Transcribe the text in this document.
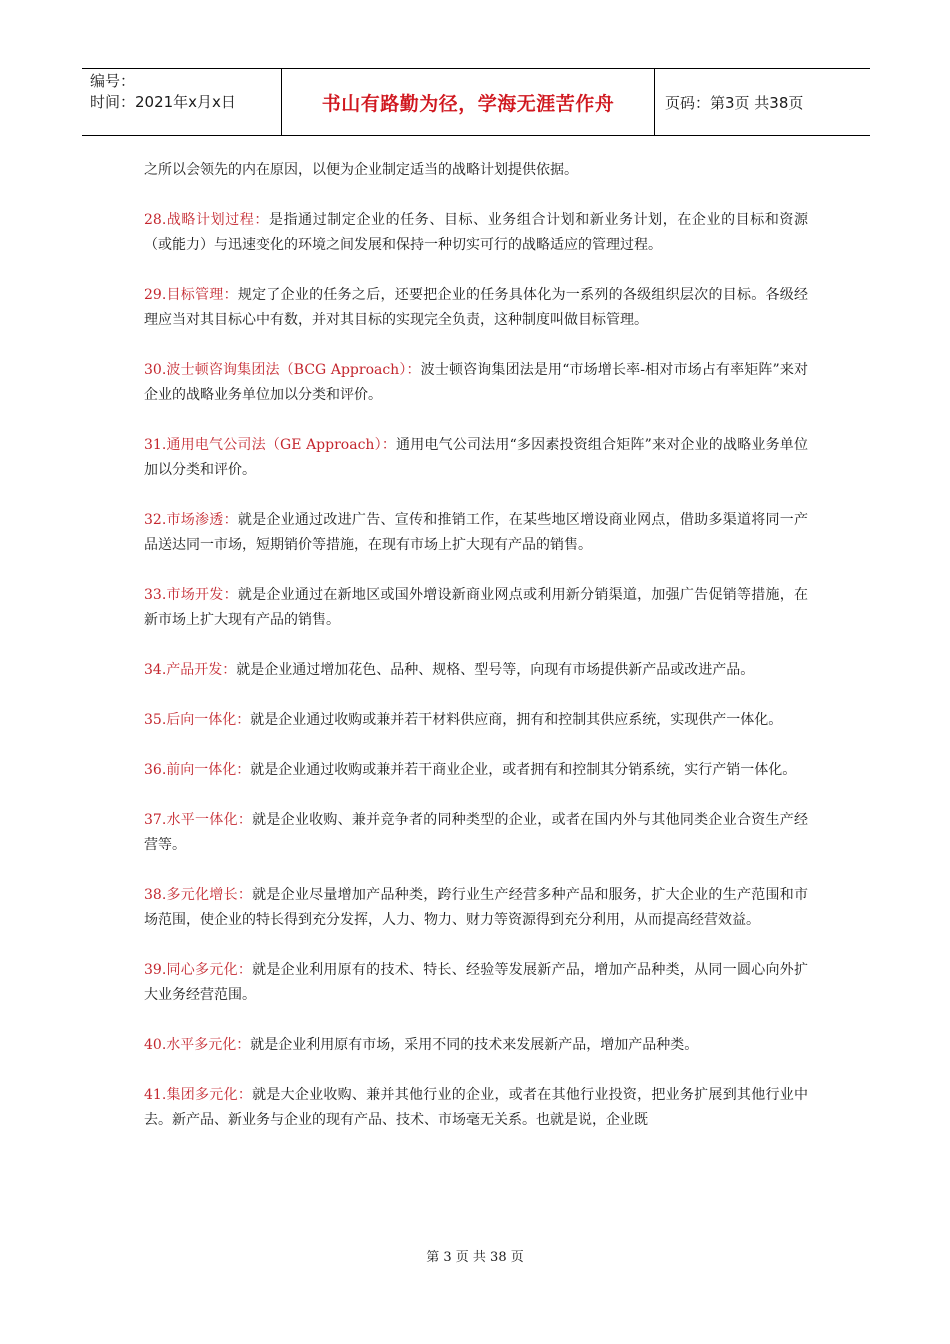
编号：
时间：2021年x月x日	书山有路勤为径，学海无涯苦作舟	页码：第3页 共38页

之所以会领先的内在原因，以便为企业制定适当的战略计划提供依据。

28.战略计划过程：是指通过制定企业的任务、目标、业务组合计划和新业务计划，在企业的目标和资源（或能力）与迅速变化的环境之间发展和保持一种切实可行的战略适应的管理过程。

29.目标管理：规定了企业的任务之后，还要把企业的任务具体化为一系列的各级组织层次的目标。各级经理应当对其目标心中有数，并对其目标的实现完全负责，这种制度叫做目标管理。

30.波士顿咨询集团法（BCG Approach）：波士顿咨询集团法是用“市场增长率-相对市场占有率矩阵”来对企业的战略业务单位加以分类和评价。

31.通用电气公司法（GE Approach）：通用电气公司法用“多因素投资组合矩阵”来对企业的战略业务单位加以分类和评价。

32.市场渗透：就是企业通过改进广告、宣传和推销工作，在某些地区增设商业网点，借助多渠道将同一产品送达同一市场，短期销价等措施，在现有市场上扩大现有产品的销售。

33.市场开发：就是企业通过在新地区或国外增设新商业网点或利用新分销渠道，加强广告促销等措施，在新市场上扩大现有产品的销售。

34.产品开发：就是企业通过增加花色、品种、规格、型号等，向现有市场提供新产品或改进产品。

35.后向一体化：就是企业通过收购或兼并若干材料供应商，拥有和控制其供应系统，实现供产一体化。

36.前向一体化：就是企业通过收购或兼并若干商业企业，或者拥有和控制其分销系统，实行产销一体化。

37.水平一体化：就是企业收购、兼并竞争者的同种类型的企业，或者在国内外与其他同类企业合资生产经营等。

38.多元化增长：就是企业尽量增加产品种类，跨行业生产经营多种产品和服务，扩大企业的生产范围和市场范围，使企业的特长得到充分发挥，人力、物力、财力等资源得到充分利用，从而提高经营效益。

39.同心多元化：就是企业利用原有的技术、特长、经验等发展新产品，增加产品种类，从同一圆心向外扩大业务经营范围。

40.水平多元化：就是企业利用原有市场，采用不同的技术来发展新产品，增加产品种类。

41.集团多元化：就是大企业收购、兼并其他行业的企业，或者在其他行业投资，把业务扩展到其他行业中去。新产品、新业务与企业的现有产品、技术、市场毫无关系。也就是说，企业既

第 3 页 共 38 页
